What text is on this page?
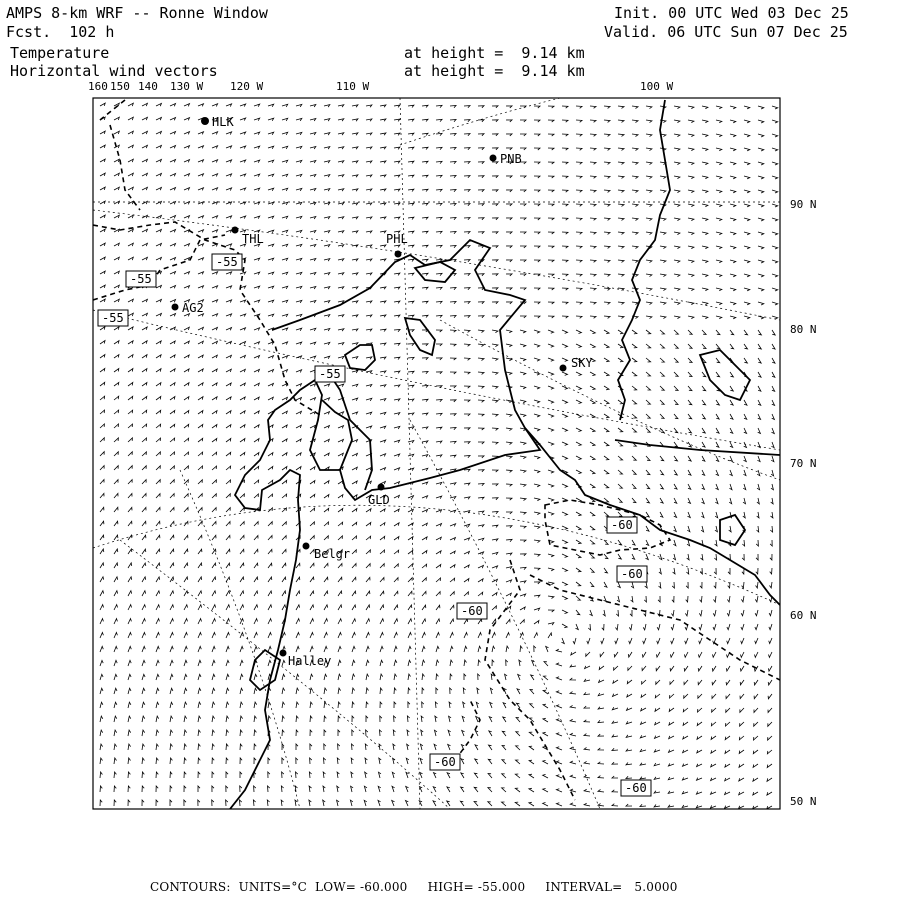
AMPS 8-km WRF -- Ronne Window
Fcst.  102 h
Temperature
Horizontal wind vectors
Init. 00 UTC Wed 03 Dec 25
Valid. 06 UTC Sun 07 Dec 25
at height =  9.14 km
at height =  9.14 km
HLK
PNB
THL	PHL
AG2
SKY
GLD
Belgr
Halley
-55
-55
-55
-55
-60
-60
-60
-60
-60
160 150 140 130 W 120 W	110 W	100 W
90 N
80 N
70 N
60 N
50 N
CONTOURS:  UNITS=°C  LOW= -60.000     HIGH= -55.000     INTERVAL=   5.0000
